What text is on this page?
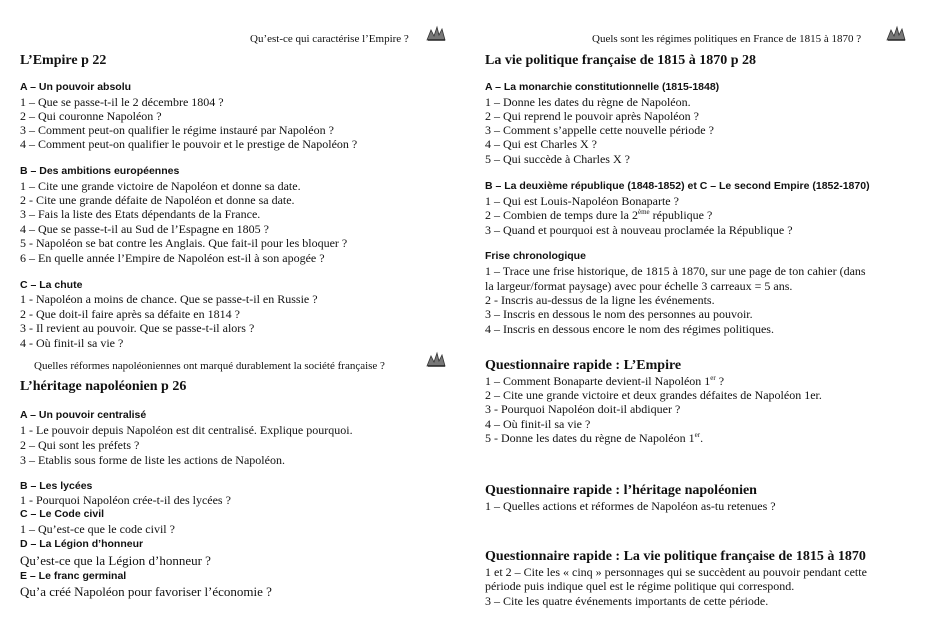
Qu’est-ce qui caractérise l’Empire ?
L’Empire p 22
A – Un pouvoir absolu
1 – Que se passe-t-il le 2 décembre 1804 ?
2 – Qui couronne Napoléon ?
3 – Comment peut-on qualifier le régime instauré par Napoléon ?
4 – Comment peut-on qualifier le pouvoir et le prestige de Napoléon ?
B – Des ambitions européennes
1 – Cite une grande victoire de Napoléon et donne sa date.
2 - Cite une grande défaite de Napoléon et donne sa date.
3 – Fais la liste des Etats dépendants de la France.
4 – Que se passe-t-il au Sud de l’Espagne en 1805 ?
5 - Napoléon se bat contre les Anglais. Que fait-il pour les bloquer ?
6 – En quelle année l’Empire de Napoléon est-il à son apogée ?
C – La chute
1 - Napoléon a moins de chance. Que se passe-t-il en Russie ?
2 - Que doit-il faire après sa défaite en 1814 ?
3 - Il revient au pouvoir. Que se passe-t-il alors ?
4 - Où finit-il sa vie ?
Quelles réformes napoléoniennes ont marqué durablement la société française ?
L’héritage napoléonien p 26
A – Un pouvoir centralisé
1 - Le pouvoir depuis Napoléon est dit centralisé. Explique pourquoi.
2 – Qui sont les préfets ?
3 – Etablis sous forme de liste les actions de Napoléon.
B – Les lycées
1 - Pourquoi Napoléon crée-t-il des lycées ?
C – Le Code civil
1 – Qu’est-ce que le code civil ?
D – La Légion d’honneur
Qu’est-ce que la Légion d’honneur ?
E – Le franc germinal
Qu’a créé Napoléon pour favoriser l’économie ?
Quels sont les régimes politiques en France de 1815 à 1870 ?
La vie politique française de 1815 à 1870 p 28
A – La monarchie constitutionnelle (1815-1848)
1 – Donne les dates du règne de Napoléon.
2 – Qui reprend le pouvoir après Napoléon ?
3 – Comment s’appelle cette nouvelle période ?
4 – Qui est Charles X ?
5 – Qui succède à Charles X ?
B – La deuxième république (1848-1852) et C – Le second Empire (1852-1870)
1 – Qui est Louis-Napoléon Bonaparte ?
2 – Combien de temps dure la 2ème république ?
3 – Quand et pourquoi est à nouveau proclamée la République ?
Frise chronologique
1 – Trace une frise historique, de 1815 à 1870, sur une page de ton cahier (dans
la largeur/format paysage) avec pour échelle 3 carreaux = 5 ans.
2 - Inscris au-dessus de la ligne les événements.
3 – Inscris en dessous le nom des personnes au pouvoir.
4 – Inscris en dessous encore le nom des régimes politiques.
Questionnaire rapide : L’Empire
1 – Comment Bonaparte devient-il Napoléon 1er ?
2 – Cite une grande victoire et deux grandes défaites de Napoléon 1er.
3 - Pourquoi Napoléon doit-il abdiquer ?
4 – Où finit-il sa vie ?
5 - Donne les dates du règne de Napoléon 1er.
Questionnaire rapide : l’héritage napoléonien
1 – Quelles actions et réformes de Napoléon as-tu retenues ?
Questionnaire rapide : La vie politique française de 1815 à 1870
1 et 2 – Cite les « cinq » personnages qui se succèdent au pouvoir pendant cette
période puis indique quel est le régime politique qui correspond.
3 – Cite les quatre événements importants de cette période.
